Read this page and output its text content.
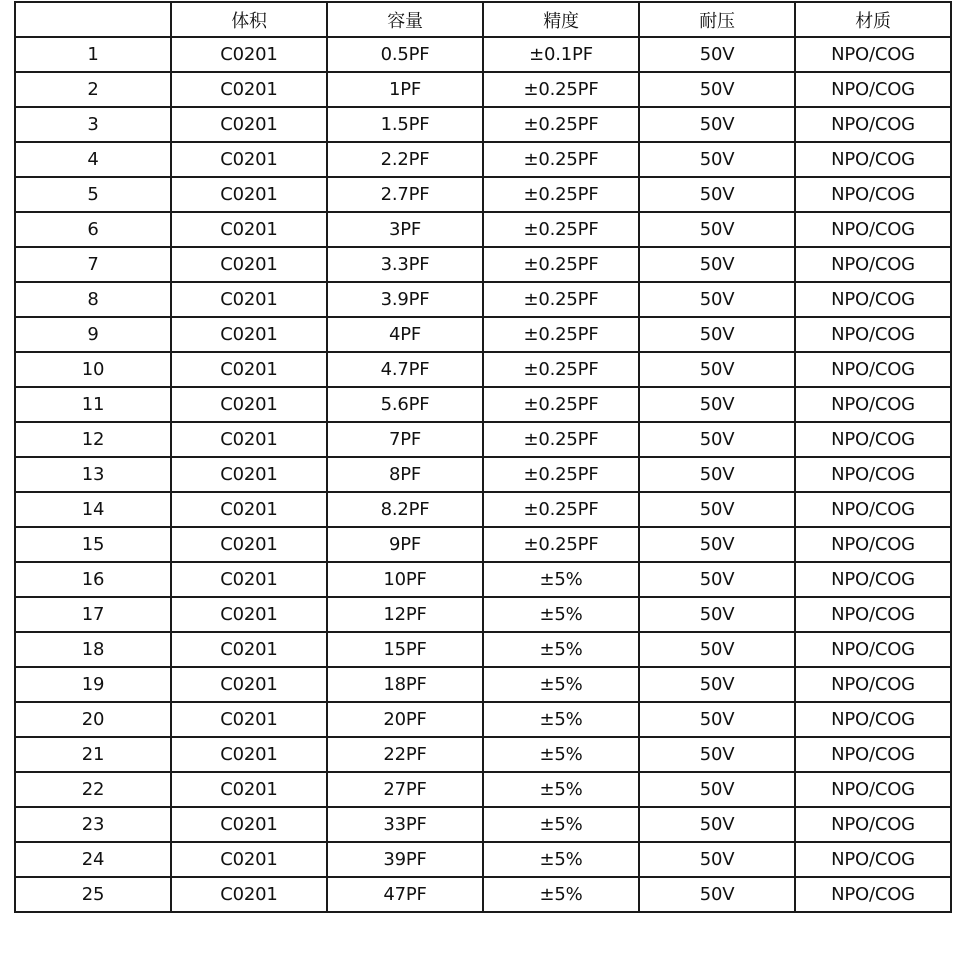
	体积	容量	精度	耐压	材质
1	C0201	0.5PF	±0.1PF	50V	NPO/COG
2	C0201	1PF	±0.25PF	50V	NPO/COG
3	C0201	1.5PF	±0.25PF	50V	NPO/COG
4	C0201	2.2PF	±0.25PF	50V	NPO/COG
5	C0201	2.7PF	±0.25PF	50V	NPO/COG
6	C0201	3PF	±0.25PF	50V	NPO/COG
7	C0201	3.3PF	±0.25PF	50V	NPO/COG
8	C0201	3.9PF	±0.25PF	50V	NPO/COG
9	C0201	4PF	±0.25PF	50V	NPO/COG
10	C0201	4.7PF	±0.25PF	50V	NPO/COG
11	C0201	5.6PF	±0.25PF	50V	NPO/COG
12	C0201	7PF	±0.25PF	50V	NPO/COG
13	C0201	8PF	±0.25PF	50V	NPO/COG
14	C0201	8.2PF	±0.25PF	50V	NPO/COG
15	C0201	9PF	±0.25PF	50V	NPO/COG
16	C0201	10PF	±5%	50V	NPO/COG
17	C0201	12PF	±5%	50V	NPO/COG
18	C0201	15PF	±5%	50V	NPO/COG
19	C0201	18PF	±5%	50V	NPO/COG
20	C0201	20PF	±5%	50V	NPO/COG
21	C0201	22PF	±5%	50V	NPO/COG
22	C0201	27PF	±5%	50V	NPO/COG
23	C0201	33PF	±5%	50V	NPO/COG
24	C0201	39PF	±5%	50V	NPO/COG
25	C0201	47PF	±5%	50V	NPO/COG
